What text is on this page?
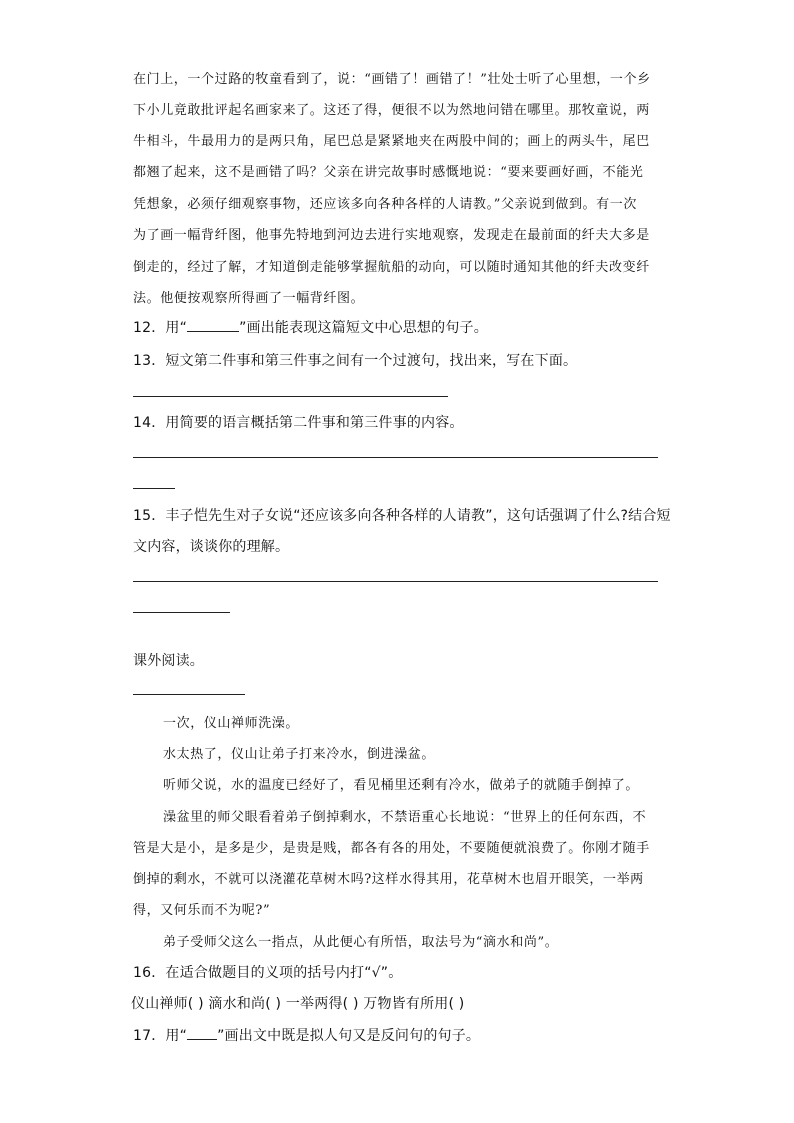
在门上，一个过路的牧童看到了，说：“画错了！画错了！”壮处士听了心里想，一个乡
下小儿竟敢批评起名画家来了。这还了得，便很不以为然地问错在哪里。那牧童说，两
牛相斗，牛最用力的是两只角，尾巴总是紧紧地夹在两股中间的；画上的两头牛，尾巴
都翘了起来，这不是画错了吗？父亲在讲完故事时感慨地说：“要来要画好画，不能光
凭想象，必须仔细观察事物，还应该多向各种各样的人请教。”父亲说到做到。有一次
为了画一幅背纤图，他事先特地到河边去进行实地观察，发现走在最前面的纤夫大多是
倒走的，经过了解，才知道倒走能够掌握航船的动向，可以随时通知其他的纤夫改变纤
法。他便按观察所得画了一幅背纤图。
12．用“	”画出能表现这篇短文中心思想的句子。
13．短文第二件事和第三件事之间有一个过渡句，找出来，写在下面。
14．用简要的语言概括第二件事和第三件事的内容。
15．丰子恺先生对子女说“还应该多向各种各样的人请教”，这句话强调了什么?结合短
文内容，谈谈你的理解。
课外阅读。
一次，仪山禅师洗澡。
水太热了，仪山让弟子打来冷水，倒进澡盆。
听师父说，水的温度已经好了，看见桶里还剩有冷水，做弟子的就随手倒掉了。
澡盆里的师父眼看着弟子倒掉剩水，不禁语重心长地说：“世界上的任何东西，不
管是大是小，是多是少，是贵是贱，都各有各的用处，不要随便就浪费了。你刚才随手
倒掉的剩水，不就可以浇灌花草树木吗?这样水得其用，花草树木也眉开眼笑，一举两
得，又何乐而不为呢?”
弟子受师父这么一指点，从此便心有所悟，取法号为“滴水和尚”。
16．在适合做题目的义项的括号内打“√”。
仪山禅师( ) 滴水和尚( ) 一举两得( ) 万物皆有所用( )
17．用“ ”画出文中既是拟人句又是反问句的句子。
